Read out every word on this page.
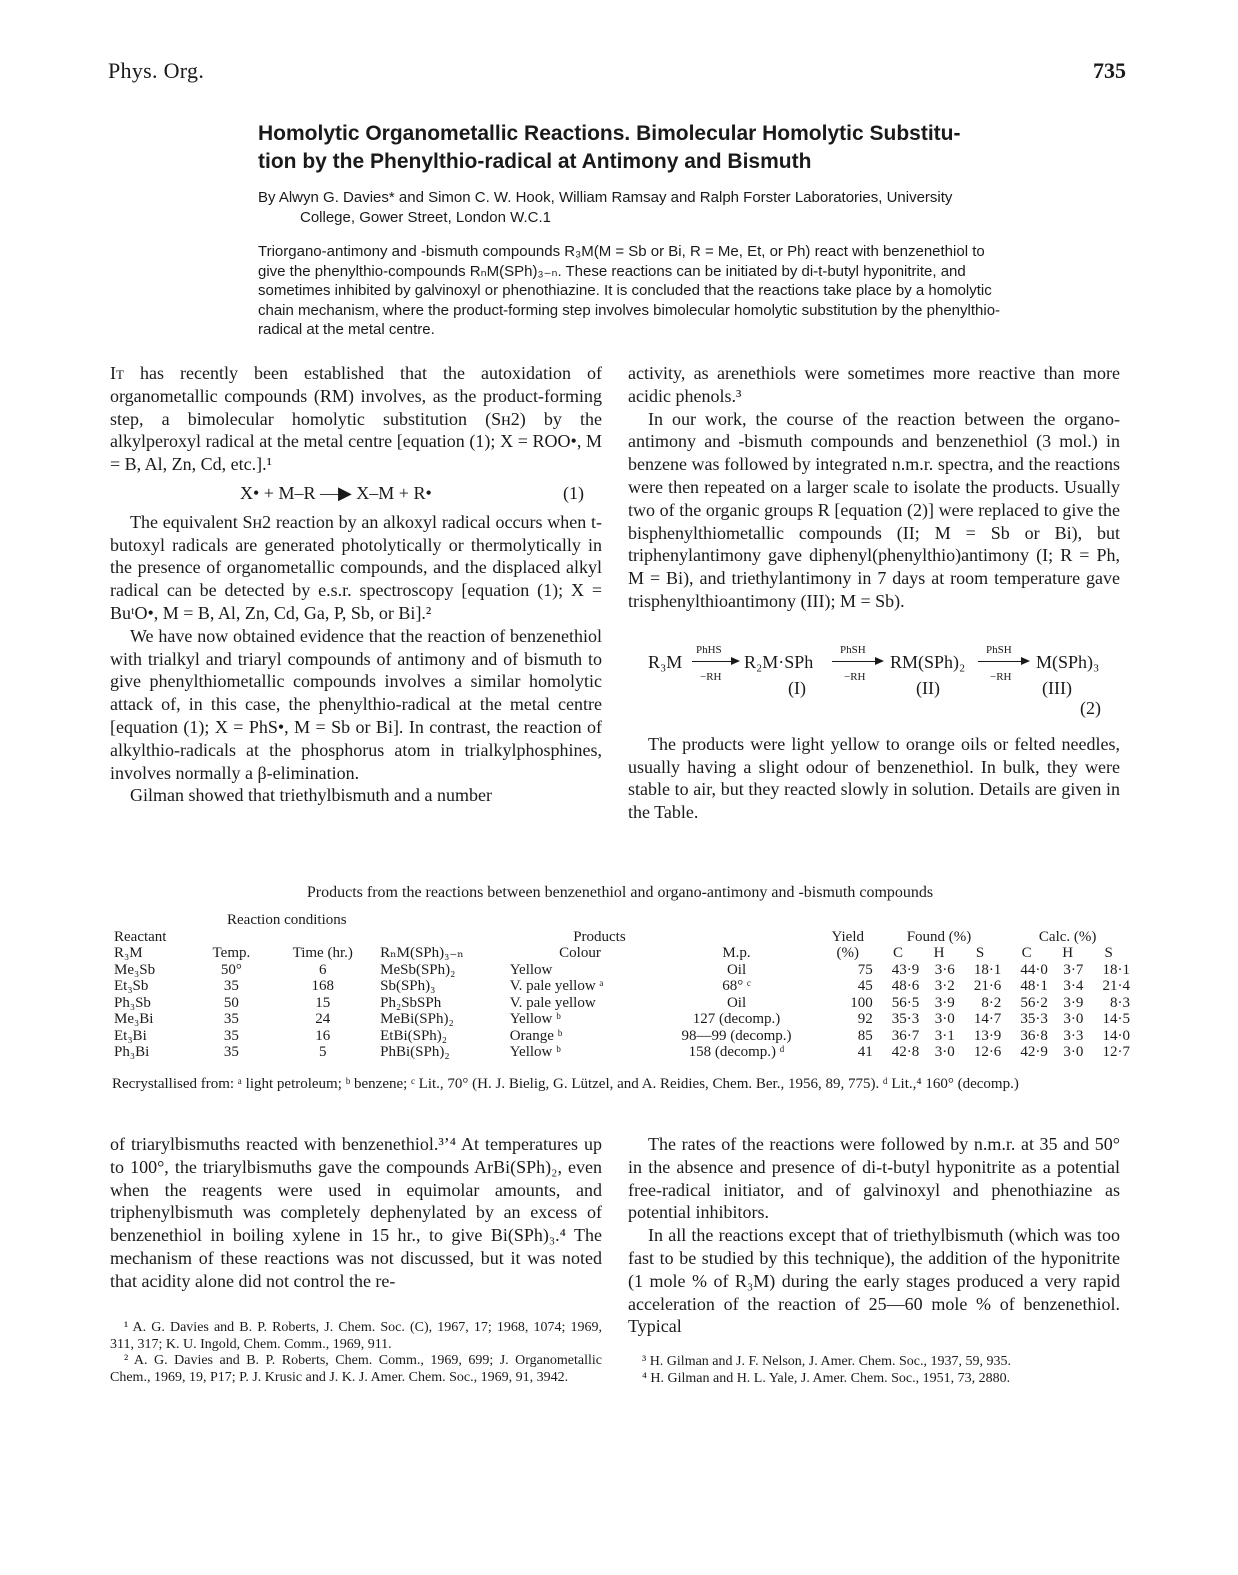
Phys. Org.	735
Homolytic Organometallic Reactions. Bimolecular Homolytic Substitu-
tion by the Phenylthio-radical at Antimony and Bismuth
By Alwyn G. Davies* and Simon C. W. Hook, William Ramsay and Ralph Forster Laboratories, University
College, Gower Street, London W.C.1
Triorgano-antimony and -bismuth compounds R₃M(M = Sb or Bi, R = Me, Et, or Ph) react with benzenethiol to
give the phenylthio-compounds RₙM(SPh)₃₋ₙ. These reactions can be initiated by di-t-butyl hyponitrite, and
sometimes inhibited by galvinoxyl or phenothiazine. It is concluded that the reactions take place by a homolytic
chain mechanism, where the product-forming step involves bimolecular homolytic substitution by the phenylthio-
radical at the metal centre.

It has recently been established that the autoxidation of organometallic compounds (RM) involves, as the product-forming step, a bimolecular homolytic substitution (Sʜ2) by the alkylperoxyl radical at the metal centre [equation (1); X = ROO•, M = B, Al, Zn, Cd, etc.].¹

X• + M–R —▶ X–M + R•	(1)

The equivalent Sʜ2 reaction by an alkoxyl radical occurs when t-butoxyl radicals are generated photolytically or thermolytically in the presence of organometallic compounds, and the displaced alkyl radical can be detected by e.s.r. spectroscopy [equation (1); X = BuᵗO•, M = B, Al, Zn, Cd, Ga, P, Sb, or Bi].²

We have now obtained evidence that the reaction of benzenethiol with trialkyl and triaryl compounds of antimony and of bismuth to give phenylthiometallic compounds involves a similar homolytic attack of, in this case, the phenylthio-radical at the metal centre [equation (1); X = PhS•, M = Sb or Bi]. In contrast, the reaction of alkylthio-radicals at the phosphorus atom in trialkylphosphines, involves normally a β-elimination.

Gilman showed that triethylbismuth and a number

activity, as arenethiols were sometimes more reactive than more acidic phenols.³

In our work, the course of the reaction between the organo-antimony and -bismuth compounds and benzenethiol (3 mol.) in benzene was followed by integrated n.m.r. spectra, and the reactions were then repeated on a larger scale to isolate the products. Usually two of the organic groups R [equation (2)] were replaced to give the bisphenylthiometallic compounds (II; M = Sb or Bi), but triphenylantimony gave diphenyl(phenylthio)antimony (I; R = Ph, M = Bi), and triethylantimony in 7 days at room temperature gave trisphenylthioantimony (III); M = Sb).

R₃M
PhHS
−RH
R₂M·SPh
(I)
PhSH
−RH
RM(SPh)₂
(II)
PhSH
−RH
M(SPh)₃
(III)
(2)

The products were light yellow to orange oils or felted needles, usually having a slight odour of benzenethiol. In bulk, they were stable to air, but they reacted slowly in solution. Details are given in the Table.

Products from the reactions between benzenethiol and organo-antimony and -bismuth compounds
	Reaction conditions											
Reactant			Products			Yield	Found (%)			Calc. (%)		
R₃M	Temp.	Time (hr.)	RₙM(SPh)₃₋ₙ	Colour	M.p.	(%)	C	H	S	C	H	S
Me₃Sb	50°	6	MeSb(SPh)₂	Yellow	Oil	75	43·9	3·6	18·1	44·0	3·7	18·1
Et₃Sb	35	168	Sb(SPh)₃	V. pale yellow ᵃ	68° ᶜ	45	48·6	3·2	21·6	48·1	3·4	21·4
Ph₃Sb	50	15	Ph₂SbSPh	V. pale yellow	Oil	100	56·5	3·9	8·2	56·2	3·9	8·3
Me₃Bi	35	24	MeBi(SPh)₂	Yellow ᵇ	127 (decomp.)	92	35·3	3·0	14·7	35·3	3·0	14·5
Et₃Bi	35	16	EtBi(SPh)₂	Orange ᵇ	98—99 (decomp.)	85	36·7	3·1	13·9	36·8	3·3	14·0
Ph₃Bi	35	5	PhBi(SPh)₂	Yellow ᵇ	158 (decomp.) ᵈ	41	42·8	3·0	12·6	42·9	3·0	12·7
Recrystallised from: ᵃ light petroleum; ᵇ benzene; ᶜ Lit., 70° (H. J. Bielig, G. Lützel, and A. Reidies, Chem. Ber., 1956, 89, 775). ᵈ Lit.,⁴ 160° (decomp.)

of triarylbismuths reacted with benzenethiol.³ʼ⁴ At temperatures up to 100°, the triarylbismuths gave the compounds ArBi(SPh)₂, even when the reagents were used in equimolar amounts, and triphenylbismuth was completely dephenylated by an excess of benzenethiol in boiling xylene in 15 hr., to give Bi(SPh)₃.⁴ The mechanism of these reactions was not discussed, but it was noted that acidity alone did not control the re-

The rates of the reactions were followed by n.m.r. at 35 and 50° in the absence and presence of di-t-butyl hyponitrite as a potential free-radical initiator, and of galvinoxyl and phenothiazine as potential inhibitors.

In all the reactions except that of triethylbismuth (which was too fast to be studied by this technique), the addition of the hyponitrite (1 mole % of R₃M) during the early stages produced a very rapid acceleration of the reaction of 25—60 mole % of benzenethiol. Typical

¹ A. G. Davies and B. P. Roberts, J. Chem. Soc. (C), 1967, 17; 1968, 1074; 1969, 311, 317; K. U. Ingold, Chem. Comm., 1969, 911.

² A. G. Davies and B. P. Roberts, Chem. Comm., 1969, 699; J. Organometallic Chem., 1969, 19, P17; P. J. Krusic and J. K. J. Amer. Chem. Soc., 1969, 91, 3942.

³ H. Gilman and J. F. Nelson, J. Amer. Chem. Soc., 1937, 59, 935.

⁴ H. Gilman and H. L. Yale, J. Amer. Chem. Soc., 1951, 73, 2880.
